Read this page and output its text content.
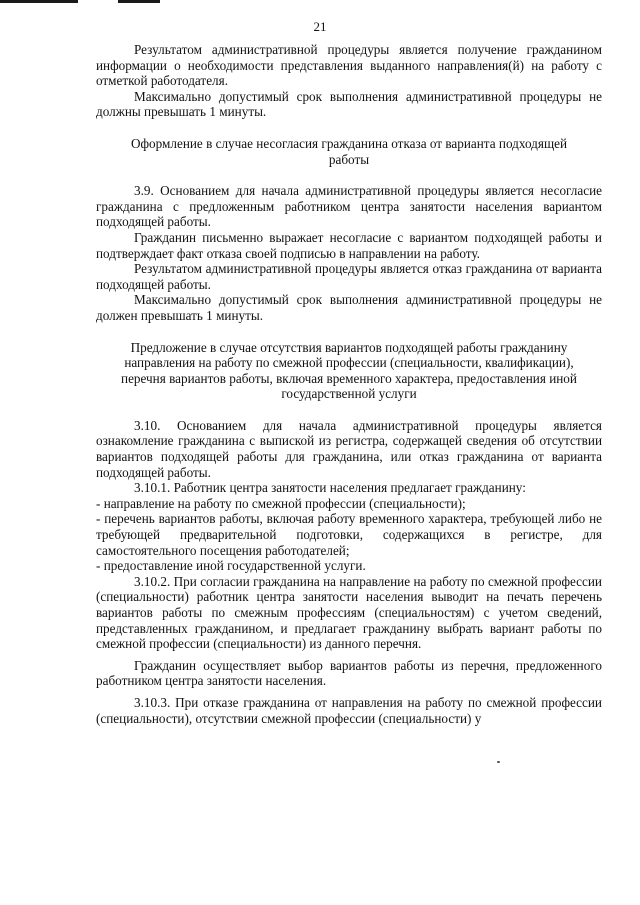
21

Результатом административной процедуры является получение гражданином информации о необходимости представления выданного направления(й) на работу с отметкой работодателя.

Максимально допустимый срок выполнения административной процедуры не должны превышать 1 минуты.

Оформление в случае несогласия гражданина отказа от варианта подходящей работы

3.9. Основанием для начала административной процедуры является несогласие гражданина с предложенным работником центра занятости населения вариантом подходящей работы.

Гражданин письменно выражает несогласие с вариантом подходящей работы и подтверждает факт отказа своей подписью в направлении на работу.

Результатом административной процедуры является отказ гражданина от варианта подходящей работы.

Максимально допустимый срок выполнения административной процедуры не должен превышать 1 минуты.

Предложение в случае отсутствия вариантов подходящей работы гражданину направления на работу по смежной профессии (специальности, квалификации), перечня вариантов работы, включая временного характера, предоставления иной государственной услуги

3.10. Основанием для начала административной процедуры является ознакомление гражданина с выпиской из регистра, содержащей сведения об отсутствии вариантов подходящей работы для гражданина, или отказ гражданина от варианта подходящей работы.

3.10.1. Работник центра занятости населения предлагает гражданину:

- направление на работу по смежной профессии (специальности);

- перечень вариантов работы, включая работу временного характера, требующей либо не требующей предварительной подготовки, содержащихся в регистре, для самостоятельного посещения работодателей;

- предоставление иной государственной услуги.

3.10.2. При согласии гражданина на направление на работу по смежной профессии (специальности) работник центра занятости населения выводит на печать перечень вариантов работы по смежным профессиям (специальностям) с учетом сведений, представленных гражданином, и предлагает гражданину выбрать вариант работы по смежной профессии (специальности) из данного перечня.

Гражданин осуществляет выбор вариантов работы из перечня, предложенного работником центра занятости населения.

3.10.3. При отказе гражданина от направления на работу по смежной профессии (специальности), отсутствии смежной профессии (специальности) у
